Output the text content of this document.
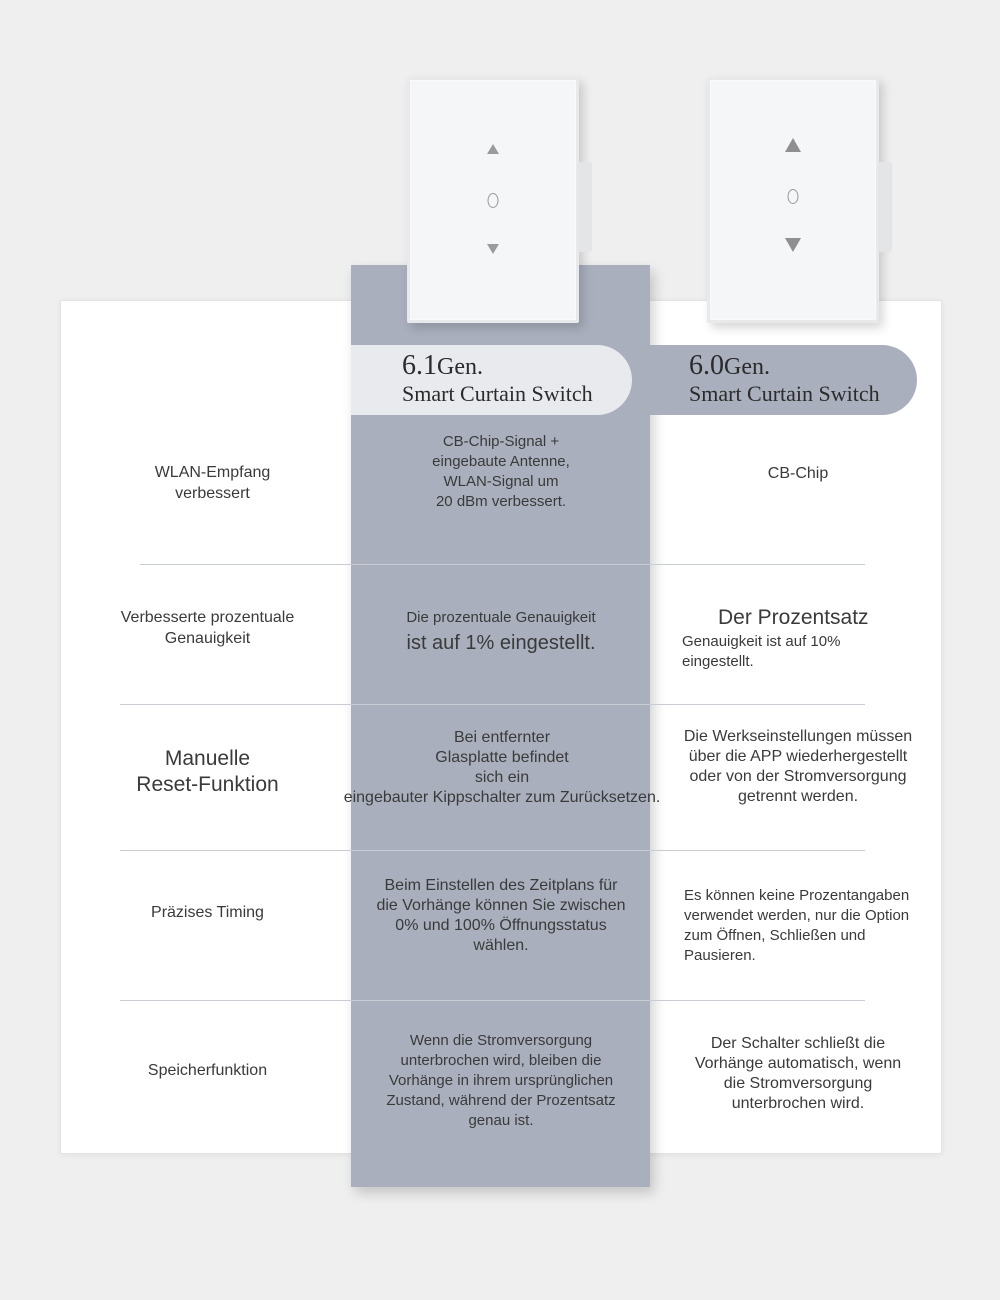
6.1Gen.
Smart Curtain Switch
6.0Gen.
Smart Curtain Switch
WLAN-Empfang
verbessert
CB-Chip-Signal +
eingebaute Antenne,
WLAN-Signal um
20 dBm verbessert.
CB-Chip
Verbesserte prozentuale
Genauigkeit
Die prozentuale Genauigkeit
ist auf 1% eingestellt.
Der Prozentsatz
Genauigkeit ist auf 10%
eingestellt.
Manuelle
Reset-Funktion
Bei entfernter
Glasplatte befindet
sich ein
eingebauter Kippschalter zum Zurücksetzen.
Die Werkseinstellungen müssen
über die APP wiederhergestellt
oder von der Stromversorgung
getrennt werden.
Präzises Timing
Beim Einstellen des Zeitplans für
die Vorhänge können Sie zwischen
0% und 100% Öffnungsstatus
wählen.
Es können keine Prozentangaben
verwendet werden, nur die Option
zum Öffnen, Schließen und
Pausieren.
Speicherfunktion
Wenn die Stromversorgung
unterbrochen wird, bleiben die
Vorhänge in ihrem ursprünglichen
Zustand, während der Prozentsatz
genau ist.
Der Schalter schließt die
Vorhänge automatisch, wenn
die Stromversorgung
unterbrochen wird.
